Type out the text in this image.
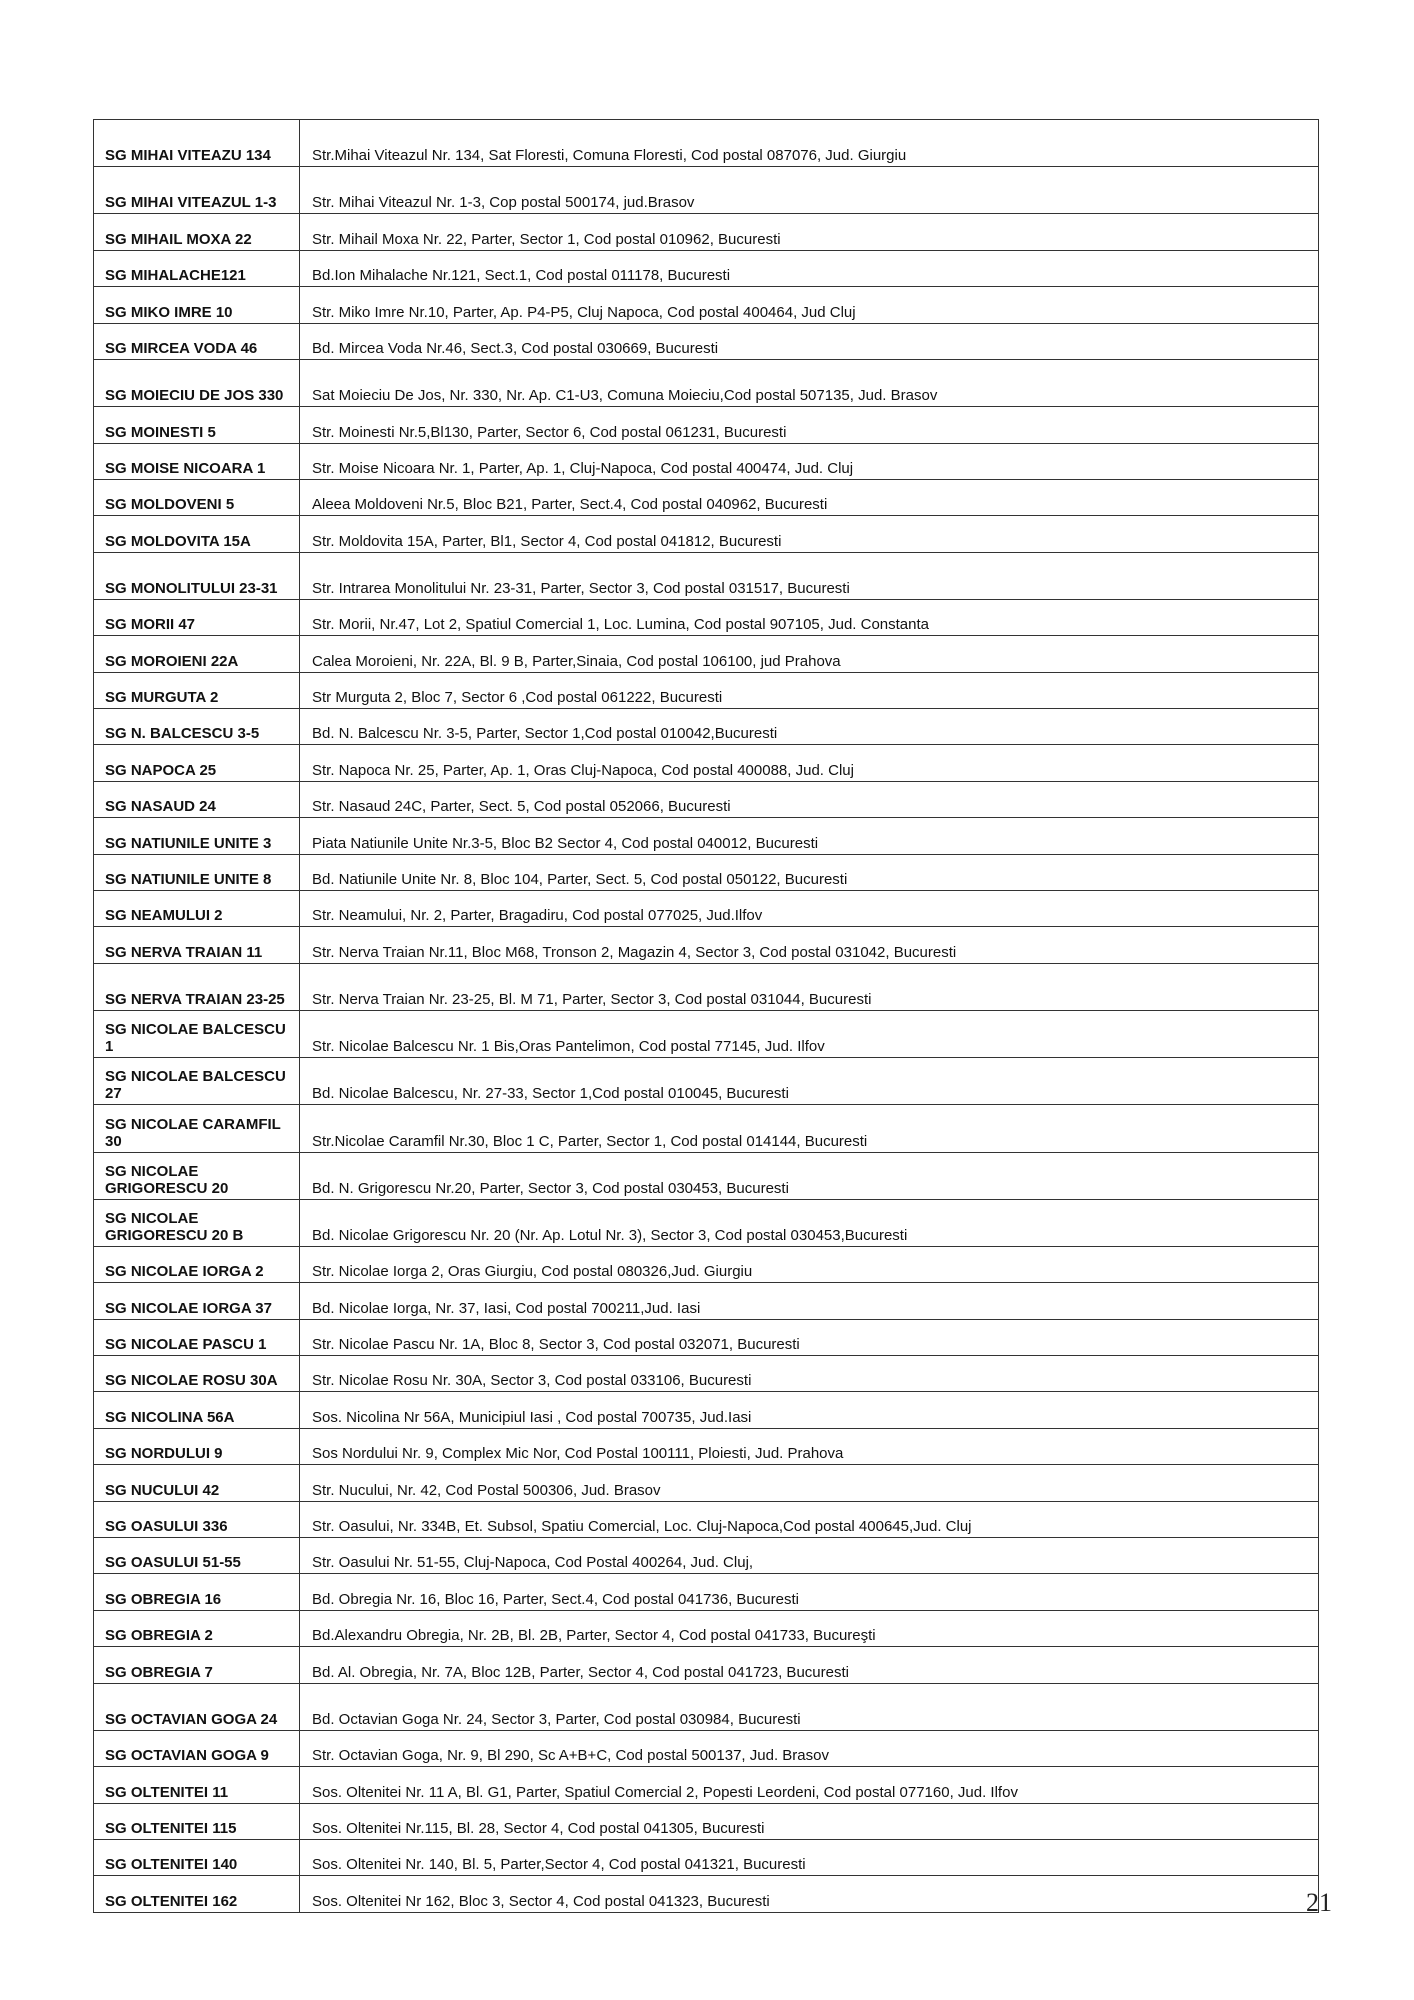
SG MIHAI VITEAZU 134	Str.Mihai Viteazul Nr. 134, Sat Floresti, Comuna Floresti, Cod postal 087076, Jud. Giurgiu
SG MIHAI VITEAZUL 1-3	Str. Mihai Viteazul Nr. 1-3, Cop postal 500174, jud.Brasov
SG MIHAIL MOXA 22	Str. Mihail Moxa Nr. 22, Parter, Sector 1, Cod postal 010962, Bucuresti
SG MIHALACHE121	Bd.Ion Mihalache Nr.121, Sect.1, Cod postal 011178, Bucuresti
SG MIKO IMRE 10	Str. Miko Imre Nr.10, Parter, Ap. P4-P5, Cluj Napoca, Cod postal 400464, Jud Cluj
SG MIRCEA VODA 46	Bd. Mircea Voda Nr.46, Sect.3, Cod postal 030669, Bucuresti
SG MOIECIU DE JOS 330	Sat Moieciu De Jos, Nr. 330, Nr. Ap. C1-U3, Comuna Moieciu,Cod postal 507135, Jud. Brasov
SG MOINESTI 5	Str. Moinesti Nr.5,Bl130, Parter, Sector 6, Cod postal 061231, Bucuresti
SG MOISE NICOARA 1	Str. Moise Nicoara Nr. 1, Parter, Ap. 1, Cluj-Napoca, Cod postal 400474, Jud. Cluj
SG MOLDOVENI 5	Aleea Moldoveni Nr.5, Bloc B21, Parter, Sect.4, Cod postal 040962, Bucuresti
SG MOLDOVITA 15A	Str. Moldovita 15A, Parter, Bl1, Sector 4, Cod postal 041812, Bucuresti
SG MONOLITULUI 23-31	Str. Intrarea Monolitului Nr. 23-31, Parter, Sector 3, Cod postal 031517, Bucuresti
SG MORII 47	Str. Morii, Nr.47, Lot 2, Spatiul Comercial 1, Loc. Lumina, Cod postal 907105, Jud. Constanta
SG MOROIENI 22A	Calea Moroieni, Nr. 22A, Bl. 9 B, Parter,Sinaia, Cod postal 106100, jud Prahova
SG MURGUTA 2	Str Murguta 2, Bloc 7, Sector 6 ,Cod postal 061222, Bucuresti
SG N. BALCESCU 3-5	Bd. N. Balcescu Nr. 3-5, Parter, Sector 1,Cod postal 010042,Bucuresti
SG NAPOCA 25	Str. Napoca Nr. 25, Parter, Ap. 1, Oras Cluj-Napoca, Cod postal 400088, Jud. Cluj
SG NASAUD 24	Str. Nasaud 24C, Parter, Sect. 5, Cod postal 052066, Bucuresti
SG NATIUNILE UNITE 3	Piata Natiunile Unite Nr.3-5, Bloc B2 Sector 4, Cod postal 040012, Bucuresti
SG NATIUNILE UNITE 8	Bd. Natiunile Unite Nr. 8, Bloc 104, Parter, Sect. 5, Cod postal 050122, Bucuresti
SG NEAMULUI 2	Str. Neamului, Nr. 2, Parter, Bragadiru, Cod postal 077025, Jud.Ilfov
SG NERVA TRAIAN 11	Str. Nerva Traian Nr.11, Bloc M68, Tronson 2, Magazin 4, Sector 3, Cod postal 031042, Bucuresti
SG NERVA TRAIAN 23-25	Str. Nerva Traian Nr. 23-25, Bl. M 71, Parter, Sector 3, Cod postal 031044, Bucuresti
SG NICOLAE BALCESCU 1	Str. Nicolae Balcescu Nr. 1 Bis,Oras Pantelimon, Cod postal 77145, Jud. Ilfov
SG NICOLAE BALCESCU 27	Bd. Nicolae Balcescu, Nr. 27-33, Sector 1,Cod postal 010045, Bucuresti
SG NICOLAE CARAMFIL 30	Str.Nicolae Caramfil Nr.30, Bloc 1 C, Parter, Sector 1, Cod postal 014144, Bucuresti
SG NICOLAE GRIGORESCU 20	Bd. N. Grigorescu Nr.20, Parter, Sector 3, Cod postal 030453, Bucuresti
SG NICOLAE GRIGORESCU 20 B	Bd. Nicolae Grigorescu Nr. 20 (Nr. Ap. Lotul Nr. 3), Sector 3, Cod postal 030453,Bucuresti
SG NICOLAE IORGA 2	Str. Nicolae Iorga 2, Oras Giurgiu, Cod postal 080326,Jud. Giurgiu
SG NICOLAE IORGA 37	Bd. Nicolae Iorga, Nr. 37, Iasi, Cod postal 700211,Jud. Iasi
SG NICOLAE PASCU 1	Str. Nicolae Pascu Nr. 1A, Bloc 8, Sector 3, Cod postal 032071, Bucuresti
SG NICOLAE ROSU 30A	Str. Nicolae Rosu Nr. 30A, Sector 3, Cod postal 033106, Bucuresti
SG NICOLINA 56A	Sos. Nicolina Nr 56A, Municipiul Iasi , Cod postal 700735, Jud.Iasi
SG NORDULUI 9	Sos Nordului Nr. 9, Complex Mic Nor, Cod Postal 100111, Ploiesti, Jud. Prahova
SG NUCULUI 42	Str. Nucului, Nr. 42, Cod Postal 500306, Jud. Brasov
SG OASULUI 336	Str. Oasului, Nr. 334B, Et. Subsol, Spatiu Comercial, Loc. Cluj-Napoca,Cod postal 400645,Jud. Cluj
SG OASULUI 51-55	Str. Oasului Nr. 51-55, Cluj-Napoca, Cod Postal 400264, Jud. Cluj,
SG OBREGIA 16	Bd. Obregia Nr. 16, Bloc 16, Parter, Sect.4, Cod postal 041736, Bucuresti
SG OBREGIA 2	Bd.Alexandru Obregia, Nr. 2B, Bl. 2B, Parter, Sector 4, Cod postal 041733, Bucureşti
SG OBREGIA 7	Bd. Al. Obregia, Nr. 7A, Bloc 12B, Parter, Sector 4, Cod postal 041723, Bucuresti
SG OCTAVIAN GOGA 24	Bd. Octavian Goga Nr. 24, Sector 3, Parter, Cod postal 030984, Bucuresti
SG OCTAVIAN GOGA 9	Str. Octavian Goga, Nr. 9, Bl 290, Sc A+B+C, Cod postal 500137, Jud. Brasov
SG OLTENITEI 11	Sos. Oltenitei Nr. 11 A, Bl. G1, Parter, Spatiul Comercial 2, Popesti Leordeni, Cod postal 077160, Jud. Ilfov
SG OLTENITEI 115	Sos. Oltenitei Nr.115, Bl. 28, Sector 4, Cod postal 041305, Bucuresti
SG OLTENITEI 140	Sos. Oltenitei Nr. 140, Bl. 5, Parter,Sector 4, Cod postal 041321, Bucuresti
SG OLTENITEI 162	Sos. Oltenitei Nr 162, Bloc 3, Sector 4, Cod postal 041323, Bucuresti	21
